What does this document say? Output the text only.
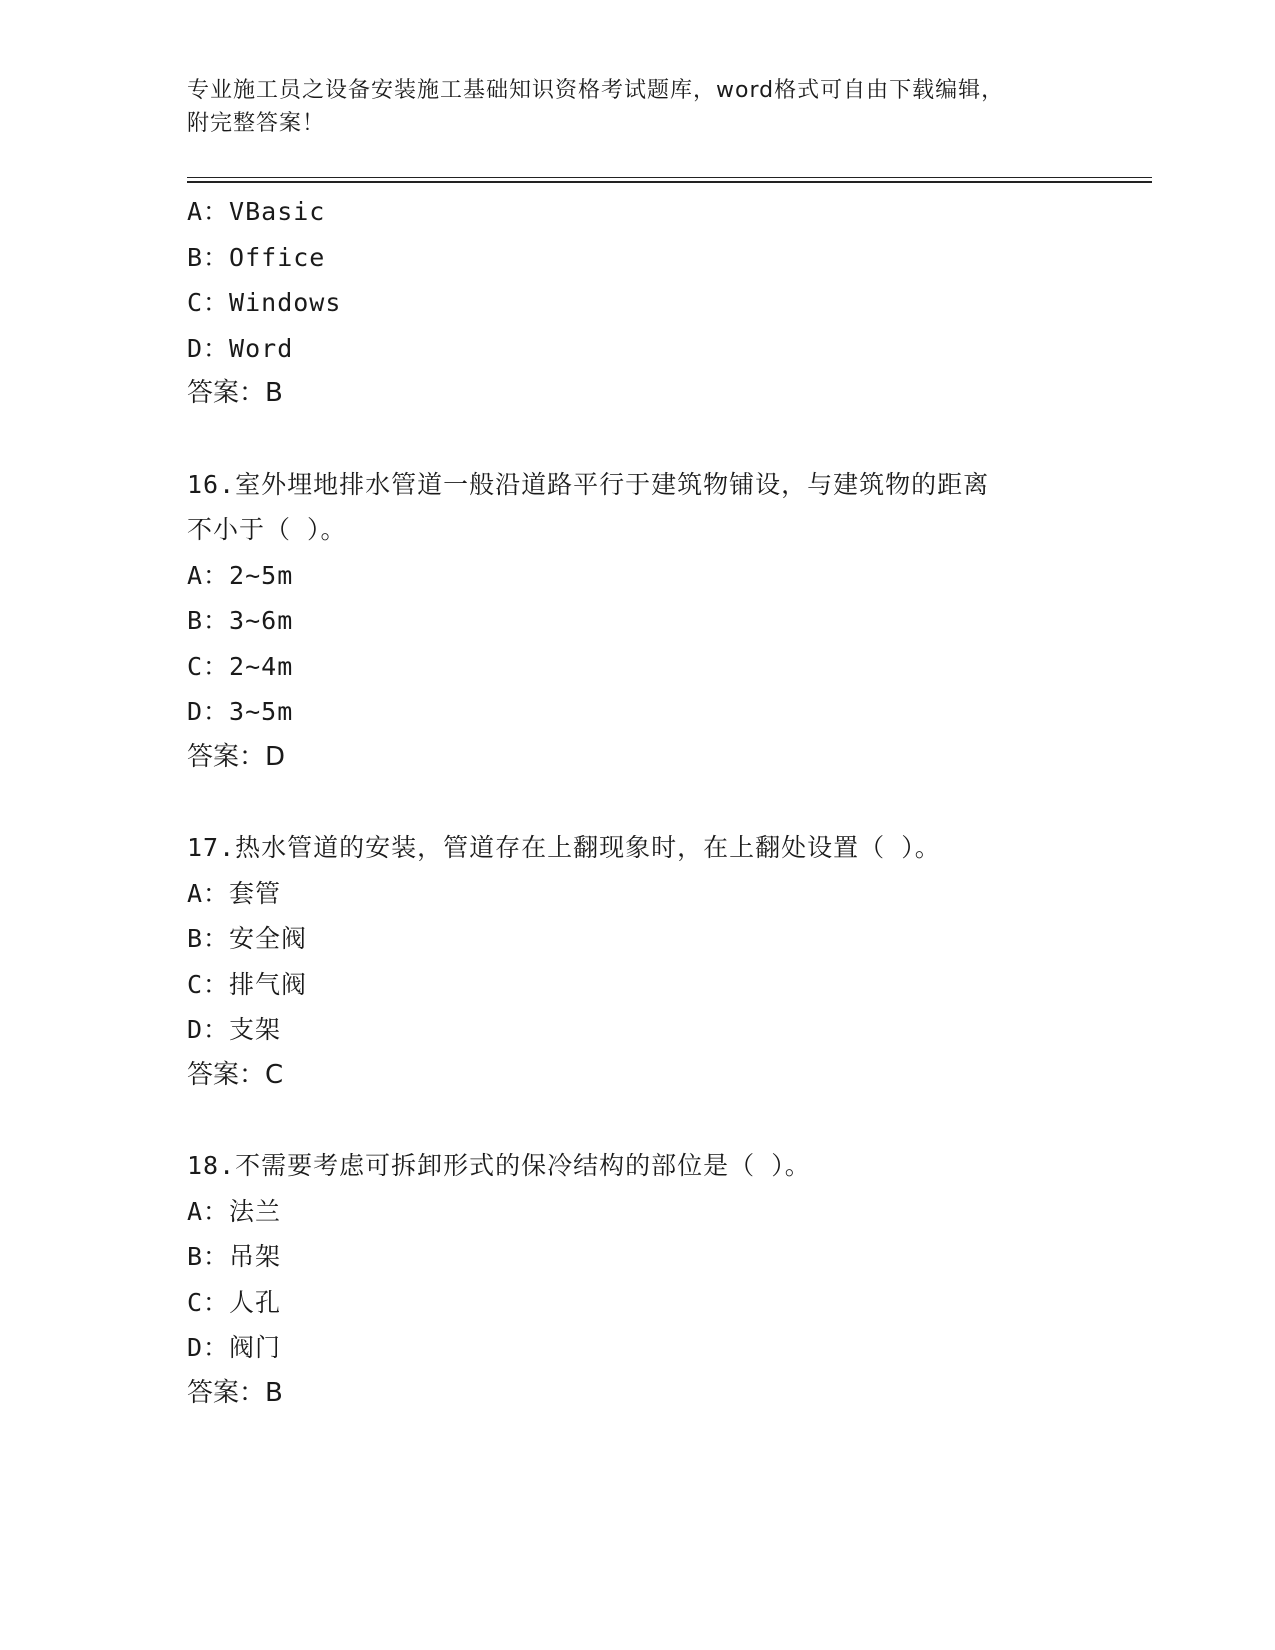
专业施工员之设备安装施工基础知识资格考试题库，word格式可自由下载编辑，
附完整答案！
A：VBasic
B：Office
C：Windows
D：Word
答案：B
16.室外埋地排水管道一般沿道路平行于建筑物铺设，与建筑物的距离
不小于（ ）。
A：2~5m
B：3~6m
C：2~4m
D：3~5m
答案：D
17.热水管道的安装，管道存在上翻现象时，在上翻处设置（ ）。
A：套管
B：安全阀
C：排气阀
D：支架
答案：C
18.不需要考虑可拆卸形式的保冷结构的部位是（ ）。
A：法兰
B：吊架
C：人孔
D：阀门
答案：B
